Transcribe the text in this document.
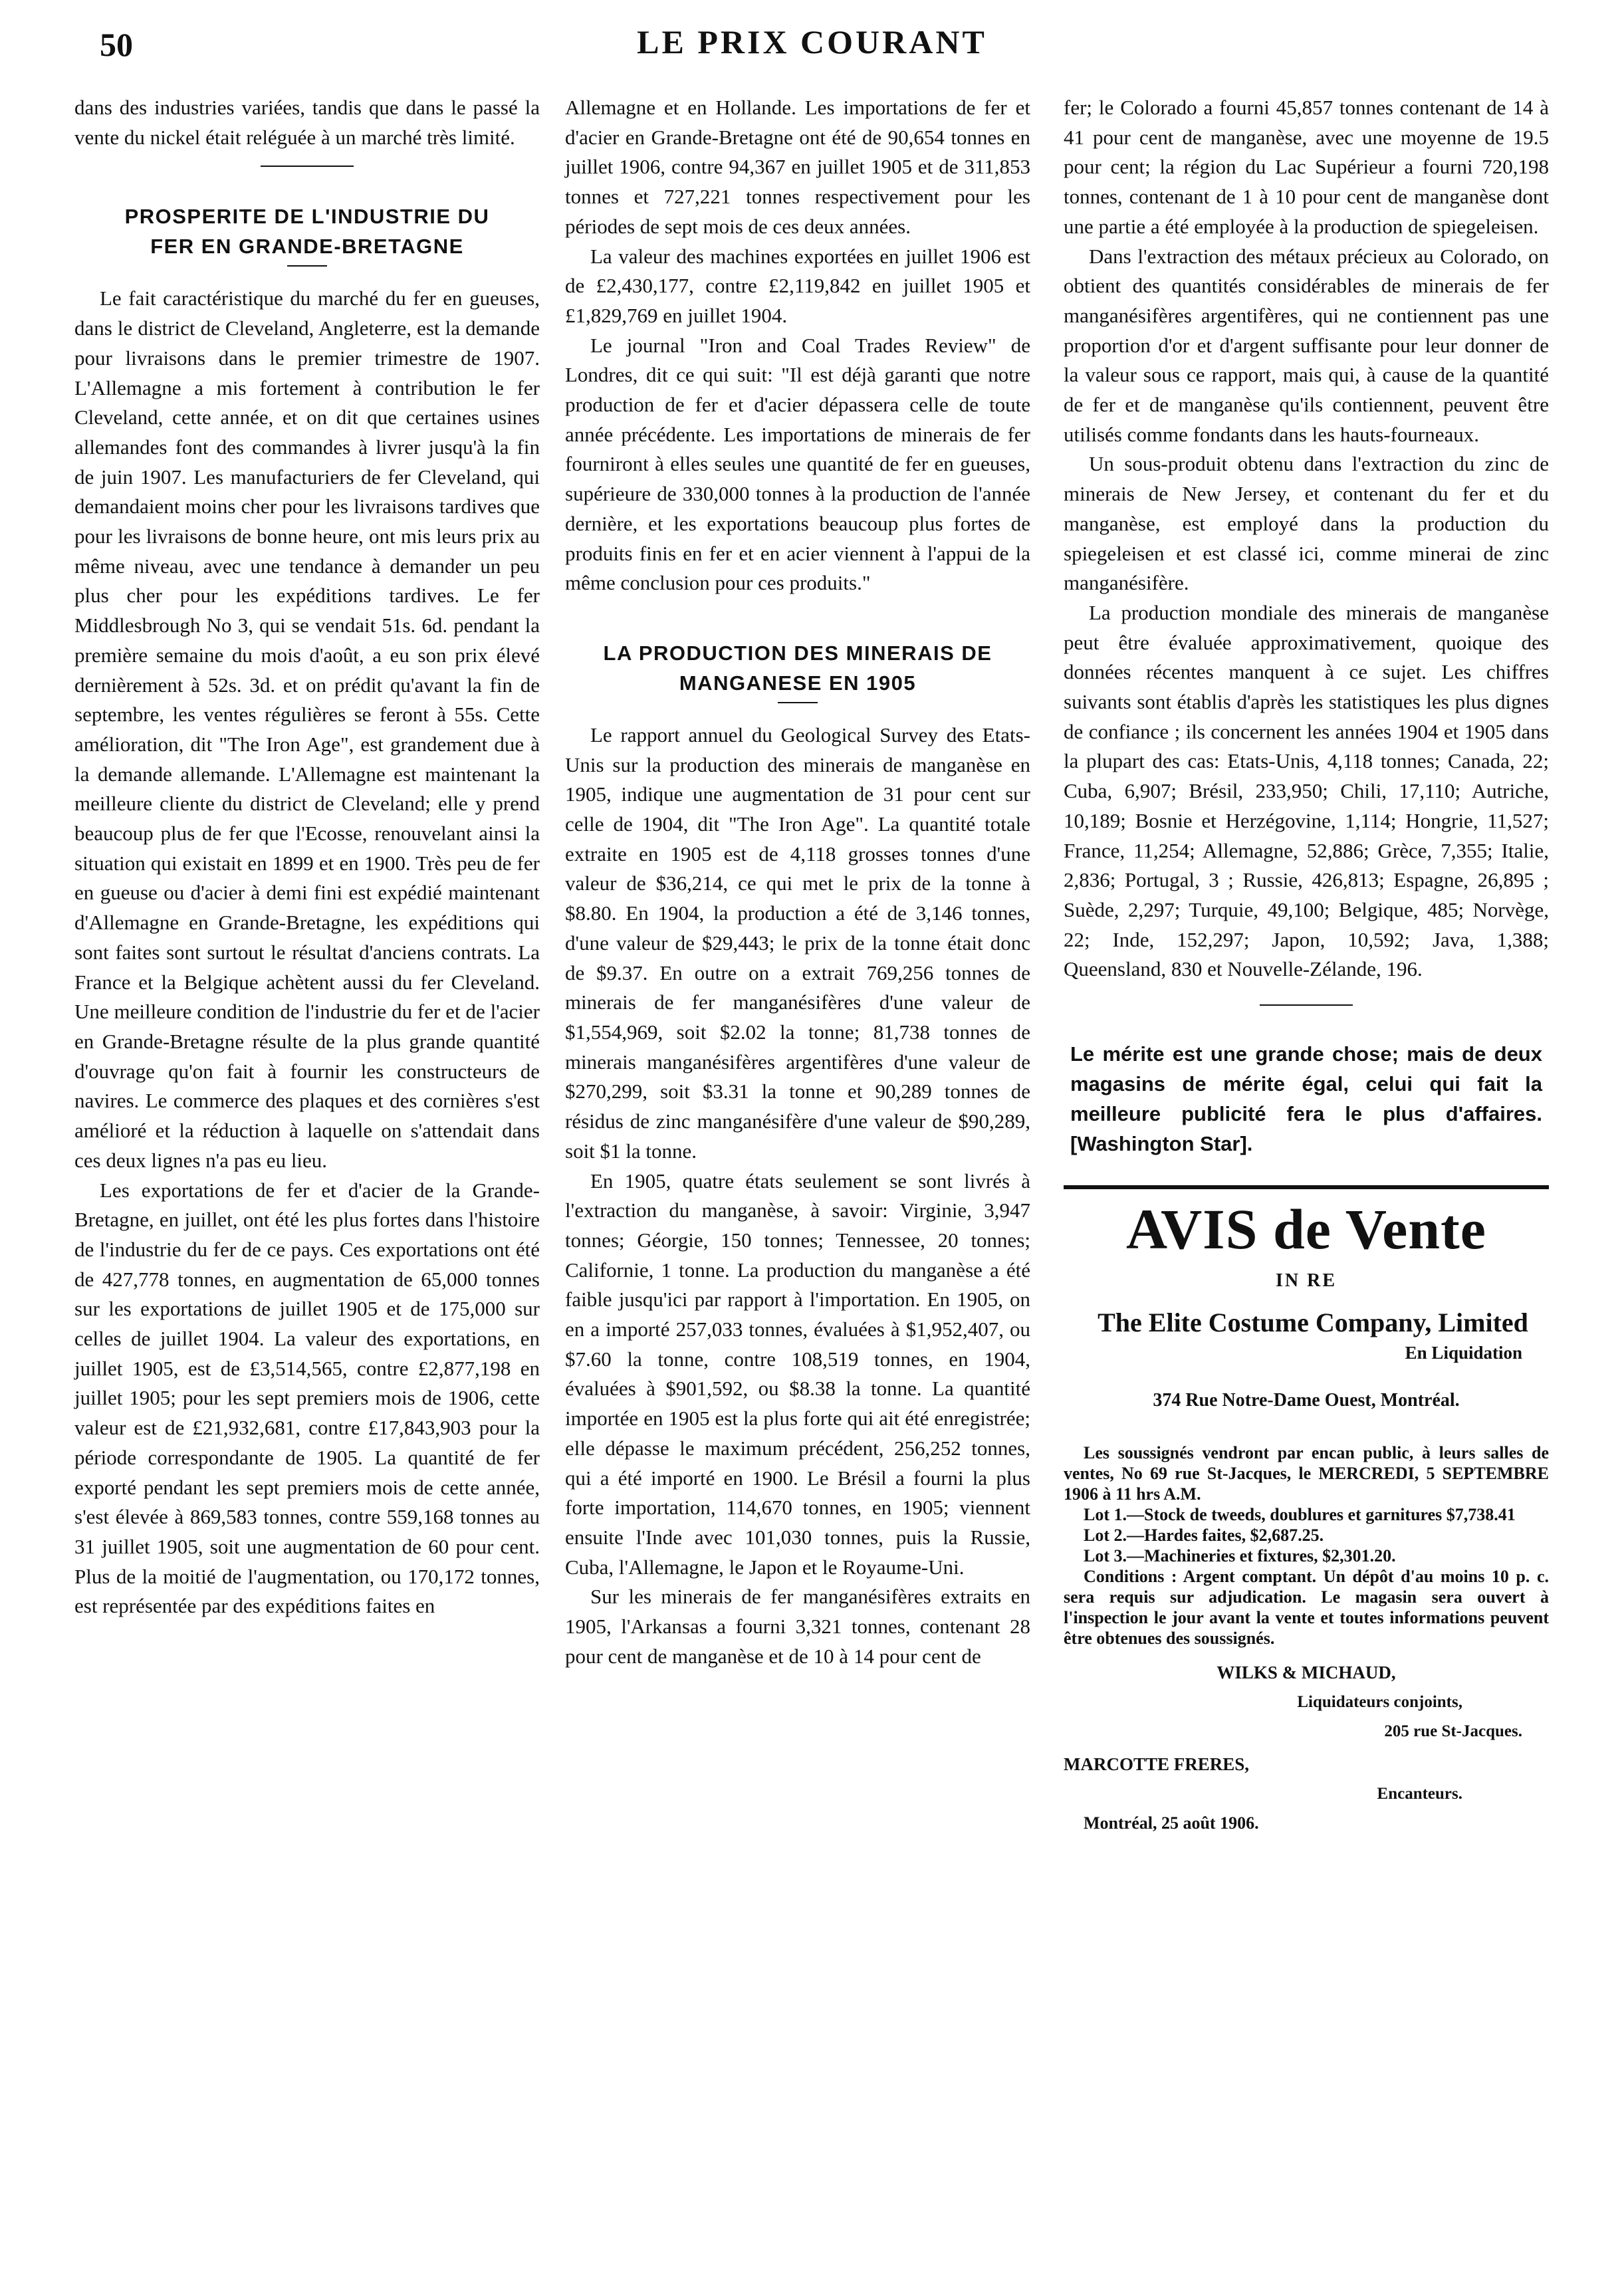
50	LE PRIX COURANT

dans des industries variées, tandis que dans le passé la vente du nickel était reléguée à un marché très limité.

PROSPERITE DE L'INDUSTRIE DU
FER EN GRANDE-BRETAGNE

Le fait caractéristique du marché du fer en gueuses, dans le district de Cleveland, Angleterre, est la demande pour livraisons dans le premier trimestre de 1907. L'Allemagne a mis fortement à contribution le fer Cleveland, cette année, et on dit que certaines usines allemandes font des commandes à livrer jusqu'à la fin de juin 1907. Les manufacturiers de fer Cleveland, qui demandaient moins cher pour les livraisons tardives que pour les livraisons de bonne heure, ont mis leurs prix au même niveau, avec une tendance à demander un peu plus cher pour les expéditions tardives. Le fer Middlesbrough No 3, qui se vendait 51s. 6d. pendant la première semaine du mois d'août, a eu son prix élevé dernièrement à 52s. 3d. et on prédit qu'avant la fin de septembre, les ventes régulières se feront à 55s. Cette amélioration, dit "The Iron Age", est grandement due à la demande allemande. L'Allemagne est maintenant la meilleure cliente du district de Cleveland; elle y prend beaucoup plus de fer que l'Ecosse, renouvelant ainsi la situation qui existait en 1899 et en 1900. Très peu de fer en gueuse ou d'acier à demi fini est expédié maintenant d'Allemagne en Grande-Bretagne, les expéditions qui sont faites sont surtout le résultat d'anciens contrats. La France et la Belgique achètent aussi du fer Cleveland. Une meilleure condition de l'industrie du fer et de l'acier en Grande-Bretagne résulte de la plus grande quantité d'ouvrage qu'on fait à fournir les constructeurs de navires. Le commerce des plaques et des cornières s'est amélioré et la réduction à laquelle on s'attendait dans ces deux lignes n'a pas eu lieu.

Les exportations de fer et d'acier de la Grande-Bretagne, en juillet, ont été les plus fortes dans l'histoire de l'industrie du fer de ce pays. Ces exportations ont été de 427,778 tonnes, en augmentation de 65,000 tonnes sur les exportations de juillet 1905 et de 175,000 sur celles de juillet 1904. La valeur des exportations, en juillet 1905, est de £3,514,565, contre £2,877,198 en juillet 1905; pour les sept premiers mois de 1906, cette valeur est de £21,932,681, contre £17,843,903 pour la période correspondante de 1905. La quantité de fer exporté pendant les sept premiers mois de cette année, s'est élevée à 869,583 tonnes, contre 559,168 tonnes au 31 juillet 1905, soit une augmentation de 60 pour cent. Plus de la moitié de l'augmentation, ou 170,172 tonnes, est représentée par des expéditions faites en

Allemagne et en Hollande. Les importations de fer et d'acier en Grande-Bretagne ont été de 90,654 tonnes en juillet 1906, contre 94,367 en juillet 1905 et de 311,853 tonnes et 727,221 tonnes respectivement pour les périodes de sept mois de ces deux années.

La valeur des machines exportées en juillet 1906 est de £2,430,177, contre £2,119,842 en juillet 1905 et £1,829,769 en juillet 1904.

Le journal "Iron and Coal Trades Review" de Londres, dit ce qui suit: "Il est déjà garanti que notre production de fer et d'acier dépassera celle de toute année précédente. Les importations de minerais de fer fourniront à elles seules une quantité de fer en gueuses, supérieure de 330,000 tonnes à la production de l'année dernière, et les exportations beaucoup plus fortes de produits finis en fer et en acier viennent à l'appui de la même conclusion pour ces produits."

LA PRODUCTION DES MINERAIS DE
MANGANESE EN 1905

Le rapport annuel du Geological Survey des Etats-Unis sur la production des minerais de manganèse en 1905, indique une augmentation de 31 pour cent sur celle de 1904, dit "The Iron Age". La quantité totale extraite en 1905 est de 4,118 grosses tonnes d'une valeur de $36,214, ce qui met le prix de la tonne à $8.80. En 1904, la production a été de 3,146 tonnes, d'une valeur de $29,443; le prix de la tonne était donc de $9.37. En outre on a extrait 769,256 tonnes de minerais de fer manganésifères d'une valeur de $1,554,969, soit $2.02 la tonne; 81,738 tonnes de minerais manganésifères argentifères d'une valeur de $270,299, soit $3.31 la tonne et 90,289 tonnes de résidus de zinc manganésifère d'une valeur de $90,289, soit $1 la tonne.

En 1905, quatre états seulement se sont livrés à l'extraction du manganèse, à savoir: Virginie, 3,947 tonnes; Géorgie, 150 tonnes; Tennessee, 20 tonnes; Californie, 1 tonne. La production du manganèse a été faible jusqu'ici par rapport à l'importation. En 1905, on en a importé 257,033 tonnes, évaluées à $1,952,407, ou $7.60 la tonne, contre 108,519 tonnes, en 1904, évaluées à $901,592, ou $8.38 la tonne. La quantité importée en 1905 est la plus forte qui ait été enregistrée; elle dépasse le maximum précédent, 256,252 tonnes, qui a été importé en 1900. Le Brésil a fourni la plus forte importation, 114,670 tonnes, en 1905; viennent ensuite l'Inde avec 101,030 tonnes, puis la Russie, Cuba, l'Allemagne, le Japon et le Royaume-Uni.

Sur les minerais de fer manganésifères extraits en 1905, l'Arkansas a fourni 3,321 tonnes, contenant 28 pour cent de manganèse et de 10 à 14 pour cent de

fer; le Colorado a fourni 45,857 tonnes contenant de 14 à 41 pour cent de manganèse, avec une moyenne de 19.5 pour cent; la région du Lac Supérieur a fourni 720,198 tonnes, contenant de 1 à 10 pour cent de manganèse dont une partie a été employée à la production de spiegeleisen.

Dans l'extraction des métaux précieux au Colorado, on obtient des quantités considérables de minerais de fer manganésifères argentifères, qui ne contiennent pas une proportion d'or et d'argent suffisante pour leur donner de la valeur sous ce rapport, mais qui, à cause de la quantité de fer et de manganèse qu'ils contiennent, peuvent être utilisés comme fondants dans les hauts-fourneaux.

Un sous-produit obtenu dans l'extraction du zinc de minerais de New Jersey, et contenant du fer et du manganèse, est employé dans la production du spiegeleisen et est classé ici, comme minerai de zinc manganésifère.

La production mondiale des minerais de manganèse peut être évaluée approximativement, quoique des données récentes manquent à ce sujet. Les chiffres suivants sont établis d'après les statistiques les plus dignes de confiance ; ils concernent les années 1904 et 1905 dans la plupart des cas: Etats-Unis, 4,118 tonnes; Canada, 22; Cuba, 6,907; Brésil, 233,950; Chili, 17,110; Autriche, 10,189; Bosnie et Herzégovine, 1,114; Hongrie, 11,527; France, 11,254; Allemagne, 52,886; Grèce, 7,355; Italie, 2,836; Portugal, 3 ; Russie, 426,813; Espagne, 26,895 ; Suède, 2,297; Turquie, 49,100; Belgique, 485; Norvège, 22; Inde, 152,297; Japon, 10,592; Java, 1,388; Queensland, 830 et Nouvelle-Zélande, 196.

Le mérite est une grande chose; mais de deux magasins de mérite égal, celui qui fait la meilleure publicité fera le plus d'affaires. [Washington Star].
AVIS de Vente
IN RE
The Elite Costume Company, Limited
En Liquidation
374 Rue Notre-Dame Ouest, Montréal.

Les soussignés vendront par encan public, à leurs salles de ventes, No 69 rue St-Jacques, le MERCREDI, 5 SEPTEMBRE 1906 à 11 hrs A.M.

Lot 1.—Stock de tweeds, doublures et garnitures $7,738.41
Lot 2.—Hardes faites, $2,687.25.
Lot 3.—Machineries et fixtures, $2,301.20.

Conditions : Argent comptant. Un dépôt d'au moins 10 p. c. sera requis sur adjudication. Le magasin sera ouvert à l'inspection le jour avant la vente et toutes informations peuvent être obtenues des soussignés.

WILKS & MICHAUD,
Liquidateurs conjoints,
205 rue St-Jacques.
MARCOTTE FRERES,
Encanteurs.
Montréal, 25 août 1906.
